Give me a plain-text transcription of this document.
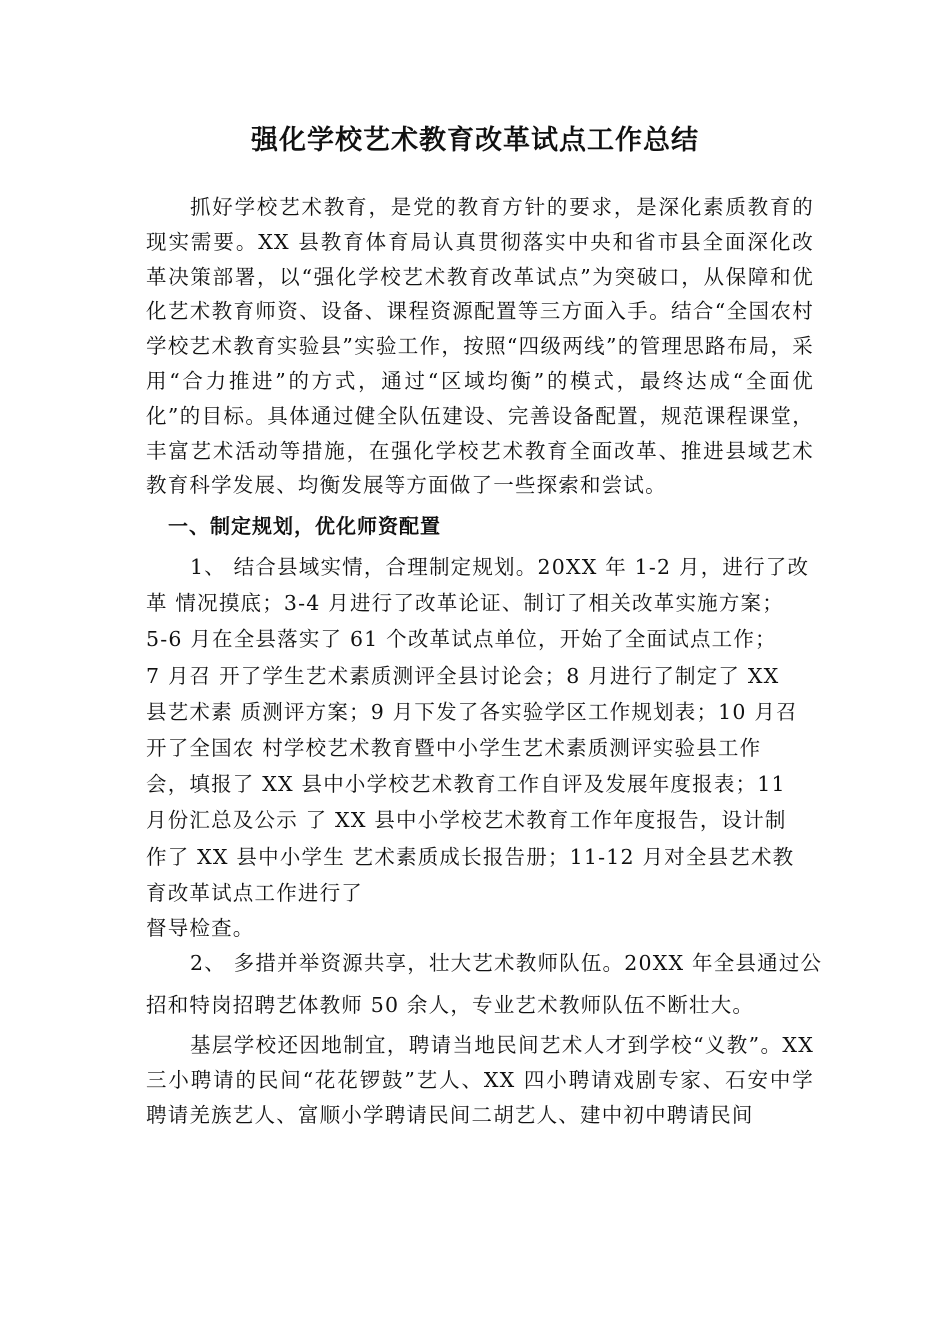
强化学校艺术教育改革试点工作总结

抓好学校艺术教育，是党的教育方针的要求，是深化素质教育的现实需要。XX 县教育体育局认真贯彻落实中央和省市县全面深化改革决策部署，以“强化学校艺术教育改革试点”为突破口，从保障和优化艺术教育师资、设备、课程资源配置等三方面入手。结合“全国农村学校艺术教育实验县”实验工作，按照“四级两线”的管理思路布局，采用“合力推进”的方式，通过“区域均衡”的模式，最终达成“全面优化”的目标。具体通过健全队伍建设、完善设备配置，规范课程课堂，丰富艺术活动等措施，在强化学校艺术教育全面改革、推进县域艺术教育科学发展、均衡发展等方面做了一些探索和尝试。

一、制定规划，优化师资配置
1、 结合县域实情，合理制定规划。20XX 年 1-2 月，进行了改
革 情况摸底；3-4 月进行了改革论证、制订了相关改革实施方案；
5-6 月在全县落实了 61 个改革试点单位，开始了全面试点工作；
7 月召 开了学生艺术素质测评全县讨论会；8 月进行了制定了 XX
县艺术素 质测评方案；9 月下发了各实验学区工作规划表；10 月召
开了全国农 村学校艺术教育暨中小学生艺术素质测评实验县工作
会，填报了 XX 县中小学校艺术教育工作自评及发展年度报表；11
月份汇总及公示 了 XX 县中小学校艺术教育工作年度报告，设计制
作了 XX 县中小学生 艺术素质成长报告册；11-12 月对全县艺术教
育改革试点工作进行了
督导检查。
2、 多措并举资源共享，壮大艺术教师队伍。20XX 年全县通过公
招和特岗招聘艺体教师 50 余人，专业艺术教师队伍不断壮大。

基层学校还因地制宜，聘请当地民间艺术人才到学校“义教”。XX 三小聘请的民间“花花锣鼓”艺人、XX 四小聘请戏剧专家、石安中学聘请羌族艺人、富顺小学聘请民间二胡艺人、建中初中聘请民间
